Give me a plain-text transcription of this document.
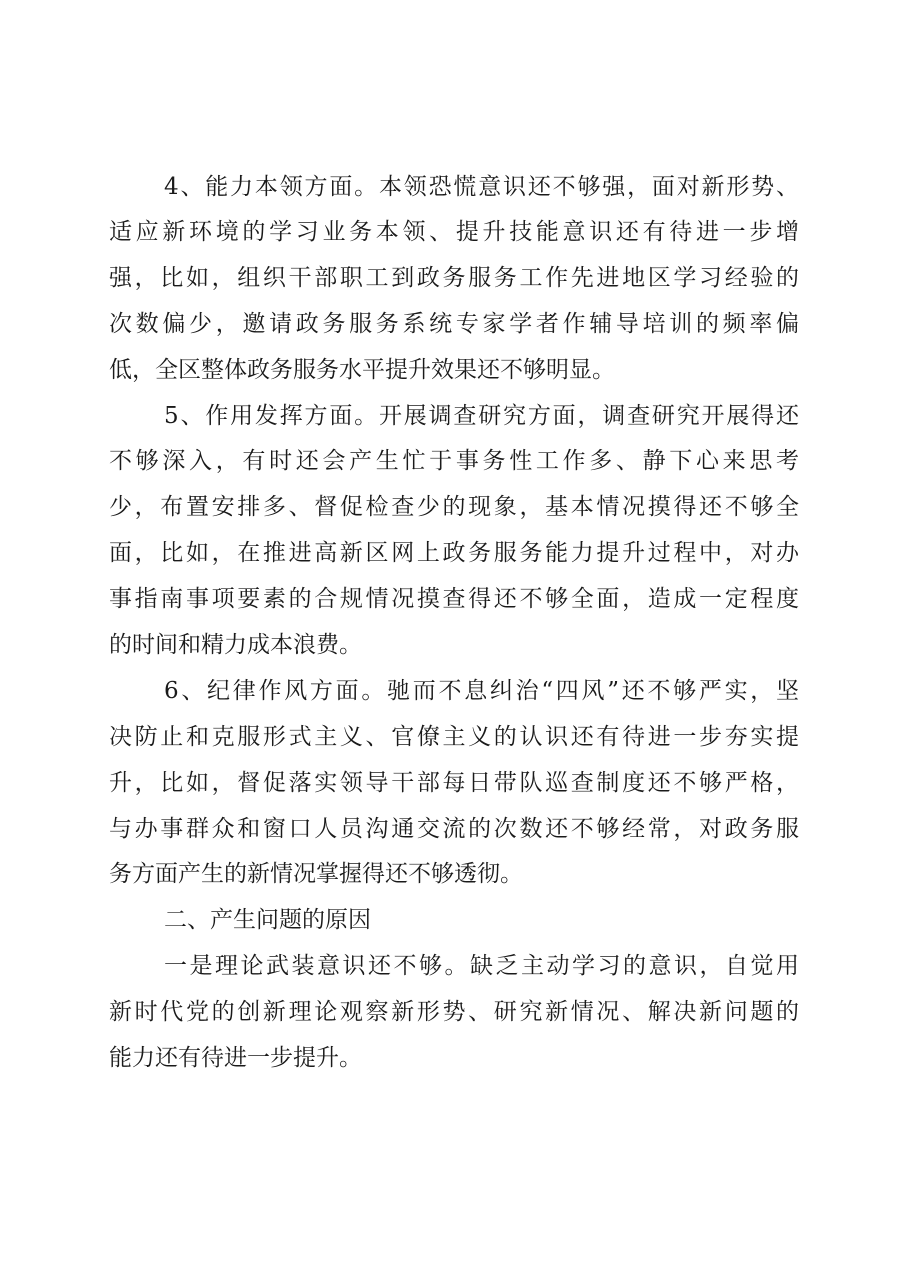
4、能力本领方面。本领恐慌意识还不够强，面对新形势、
适应新环境的学习业务本领、提升技能意识还有待进一步增
强，比如，组织干部职工到政务服务工作先进地区学习经验的
次数偏少，邀请政务服务系统专家学者作辅导培训的频率偏
低，全区整体政务服务水平提升效果还不够明显。
5、作用发挥方面。开展调查研究方面，调查研究开展得还
不够深入，有时还会产生忙于事务性工作多、静下心来思考
少，布置安排多、督促检查少的现象，基本情况摸得还不够全
面，比如，在推进高新区网上政务服务能力提升过程中，对办
事指南事项要素的合规情况摸查得还不够全面，造成一定程度
的时间和精力成本浪费。
6、纪律作风方面。驰而不息纠治“四风”还不够严实，坚
决防止和克服形式主义、官僚主义的认识还有待进一步夯实提
升，比如，督促落实领导干部每日带队巡查制度还不够严格，
与办事群众和窗口人员沟通交流的次数还不够经常，对政务服
务方面产生的新情况掌握得还不够透彻。
二、产生问题的原因
一是理论武装意识还不够。缺乏主动学习的意识，自觉用
新时代党的创新理论观察新形势、研究新情况、解决新问题的
能力还有待进一步提升。
